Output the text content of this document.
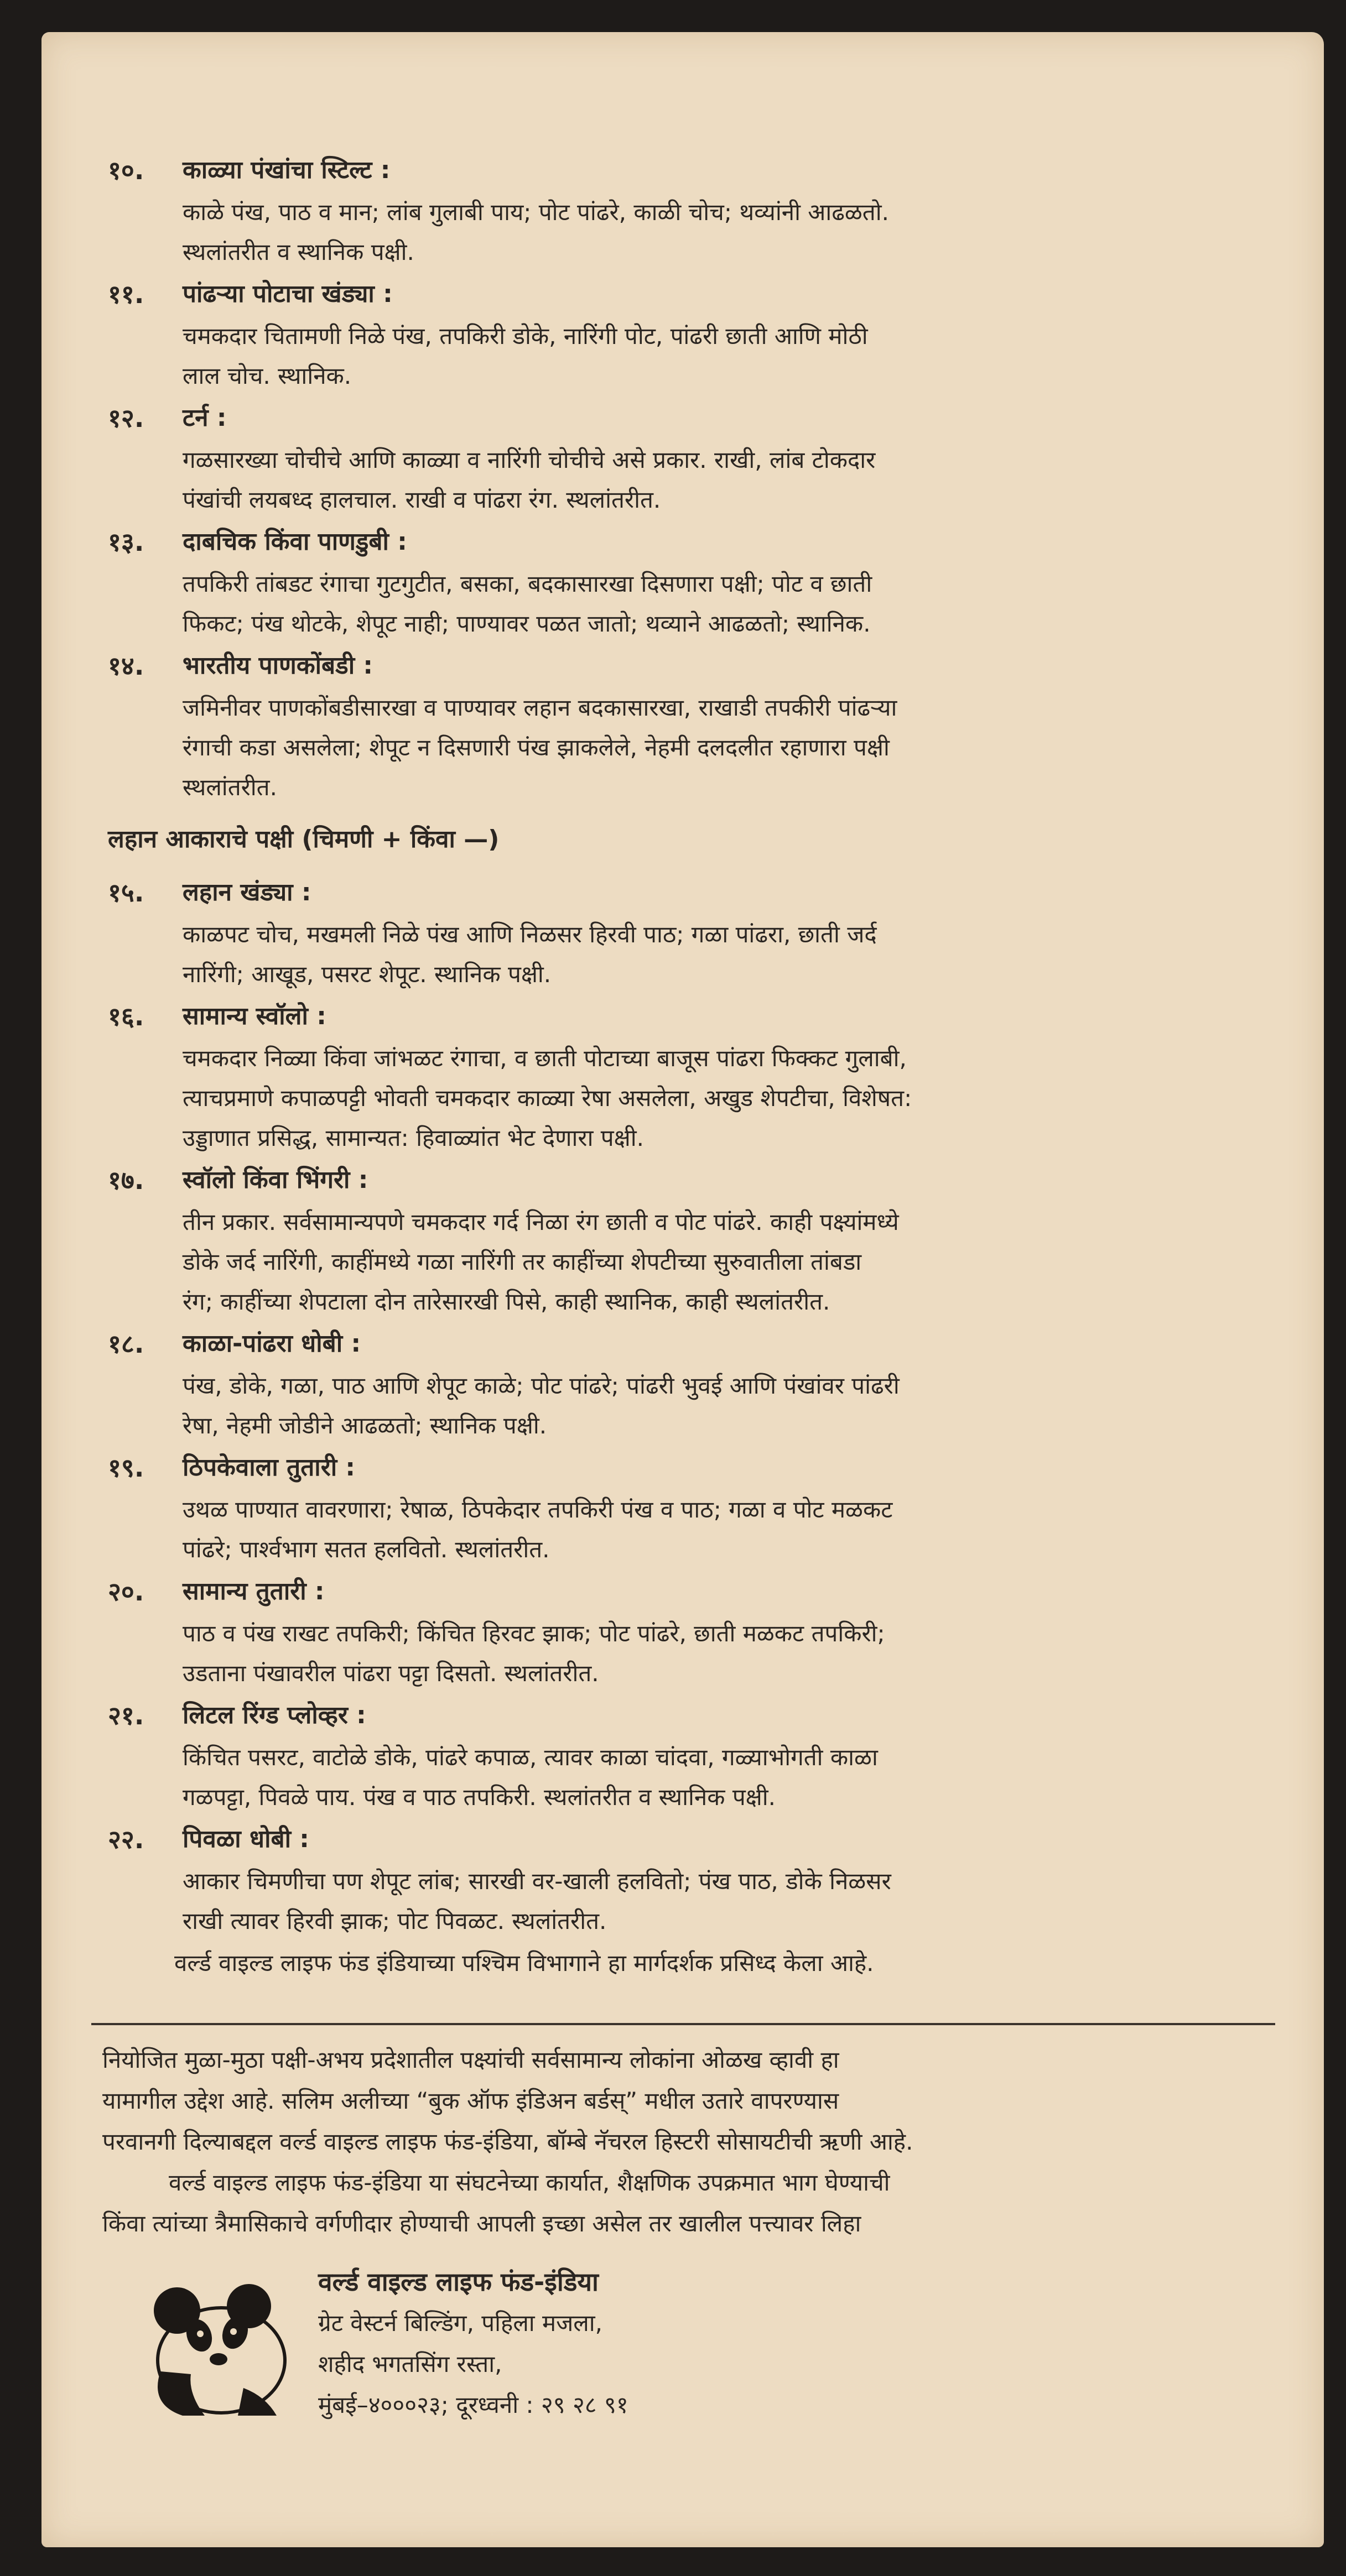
१०.	काळ्या पंखांचा स्टिल्ट :
काळे पंख, पाठ व मान; लांब गुलाबी पाय; पोट पांढरे, काळी चोच; थव्यांनी आढळतो.
स्थलांतरीत व स्थानिक पक्षी.
११.	पांढऱ्या पोटाचा खंड्या :
चमकदार चितामणी निळे पंख, तपकिरी डोके, नारिंगी पोट, पांढरी छाती आणि मोठी
लाल चोच. स्थानिक.
१२.	टर्न :
गळसारख्या चोचीचे आणि काळ्या व नारिंगी चोचीचे असे प्रकार. राखी, लांब टोकदार
पंखांची लयबध्द हालचाल. राखी व पांढरा रंग. स्थलांतरीत.
१३.	दाबचिक किंवा पाणडुबी :
तपकिरी तांबडट रंगाचा गुटगुटीत, बसका, बदकासारखा दिसणारा पक्षी; पोट व छाती
फिकट; पंख थोटके, शेपूट नाही; पाण्यावर पळत जातो; थव्याने आढळतो; स्थानिक.
१४.	भारतीय पाणकोंबडी :
जमिनीवर पाणकोंबडीसारखा व पाण्यावर लहान बदकासारखा, राखाडी तपकीरी पांढऱ्या
रंगाची कडा असलेला; शेपूट न दिसणारी पंख झाकलेले, नेहमी दलदलीत रहाणारा पक्षी
स्थलांतरीत.
लहान आकाराचे पक्षी (चिमणी + किंवा —)
१५.	लहान खंड्या :
काळपट चोच, मखमली निळे पंख आणि निळसर हिरवी पाठ; गळा पांढरा, छाती जर्द
नारिंगी; आखूड, पसरट शेपूट. स्थानिक पक्षी.
१६.	सामान्य स्वॉलो :
चमकदार निळ्या किंवा जांभळट रंगाचा, व छाती पोटाच्या बाजूस पांढरा फिक्कट गुलाबी,
त्याचप्रमाणे कपाळपट्टी भोवती चमकदार काळ्या रेषा असलेला, अखुड शेपटीचा, विशेषत:
उड्डाणात प्रसिद्ध, सामान्यत: हिवाळ्यांत भेट देणारा पक्षी.
१७.	स्वॉलो किंवा भिंगरी :
तीन प्रकार. सर्वसामान्यपणे चमकदार गर्द निळा रंग छाती व पोट पांढरे. काही पक्ष्यांमध्ये
डोके जर्द नारिंगी, काहींमध्ये गळा नारिंगी तर काहींच्या शेपटीच्या सुरुवातीला तांबडा
रंग; काहींच्या शेपटाला दोन तारेसारखी पिसे, काही स्थानिक, काही स्थलांतरीत.
१८.	काळा-पांढरा धोबी :
पंख, डोके, गळा, पाठ आणि शेपूट काळे; पोट पांढरे; पांढरी भुवई आणि पंखांवर पांढरी
रेषा, नेहमी जोडीने आढळतो; स्थानिक पक्षी.
१९.	ठिपकेवाला तुतारी :
उथळ पाण्यात वावरणारा; रेषाळ, ठिपकेदार तपकिरी पंख व पाठ; गळा व पोट मळकट
पांढरे; पार्श्वभाग सतत हलवितो. स्थलांतरीत.
२०.	सामान्य तुतारी :
पाठ व पंख राखट तपकिरी; किंचित हिरवट झाक; पोट पांढरे, छाती मळकट तपकिरी;
उडताना पंखावरील पांढरा पट्टा दिसतो. स्थलांतरीत.
२१.	लिटल रिंग्ड प्लोव्हर :
किंचित पसरट, वाटोळे डोके, पांढरे कपाळ, त्यावर काळा चांदवा, गळ्याभोगती काळा
गळपट्टा, पिवळे पाय. पंख व पाठ तपकिरी. स्थलांतरीत व स्थानिक पक्षी.
२२.	पिवळा धोबी :
आकार चिमणीचा पण शेपूट लांब; सारखी वर-खाली हलवितो; पंख पाठ, डोके निळसर
राखी त्यावर हिरवी झाक; पोट पिवळट. स्थलांतरीत.
वर्ल्ड वाइल्ड लाइफ फंड इंडियाच्या पश्चिम विभागाने हा मार्गदर्शक प्रसिध्द केला आहे.
नियोजित मुळा-मुठा पक्षी-अभय प्रदेशातील पक्ष्यांची सर्वसामान्य लोकांना ओळख व्हावी हा
यामागील उद्देश आहे. सलिम अलीच्या “बुक ऑफ इंडिअन बर्डस्” मधील उतारे वापरण्यास
परवानगी दिल्याबद्दल वर्ल्ड वाइल्ड लाइफ फंड-इंडिया, बॉम्बे नॅचरल हिस्टरी सोसायटीची ऋणी आहे.
वर्ल्ड वाइल्ड लाइफ फंड-इंडिया या संघटनेच्या कार्यात, शैक्षणिक उपक्रमात भाग घेण्याची
किंवा त्यांच्या त्रैमासिकाचे वर्गणीदार होण्याची आपली इच्छा असेल तर खालील पत्त्यावर लिहा
वर्ल्ड वाइल्ड लाइफ फंड-इंडिया
ग्रेट वेस्टर्न बिल्डिंग, पहिला मजला,
शहीद भगतसिंग रस्ता,
मुंबई–४०००२३; दूरध्वनी : २९ २८ ९१
